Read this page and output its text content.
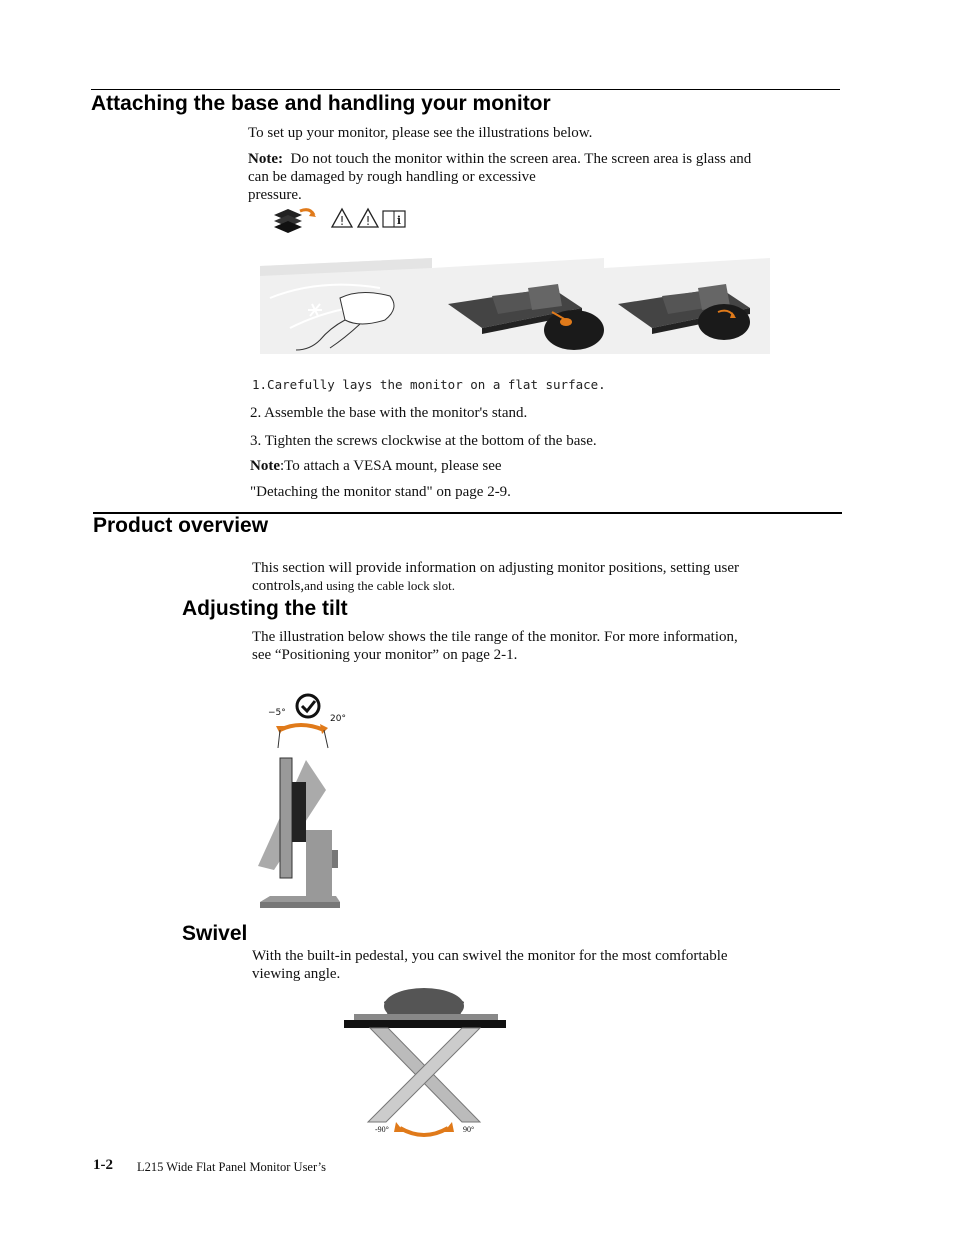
Attaching the base and handling your monitor
To set up your monitor, please see the illustrations below.
Note: Do not touch the monitor within the screen area. The screen area is glass and
can be damaged by rough handling or excessive
pressure.
! ! i
1.Carefully lays the monitor on a flat surface.
2. Assemble the base with the monitor's stand.
3. Tighten the screws clockwise at the bottom of the base.
Note:To attach a VESA mount, please see
"Detaching the monitor stand" on page 2-9.
Product overview
This section will provide information on adjusting monitor positions, setting user
controls,and using the cable lock slot.
Adjusting the tilt
The illustration below shows the tile range of the monitor. For more information,
see “Positioning your monitor” on page 2-1.
−5°
20°
Swivel
With the built-in pedestal, you can swivel the monitor for the most comfortable
viewing angle.
-90°	90°
1-2 L215 Wide Flat Panel Monitor User’s
